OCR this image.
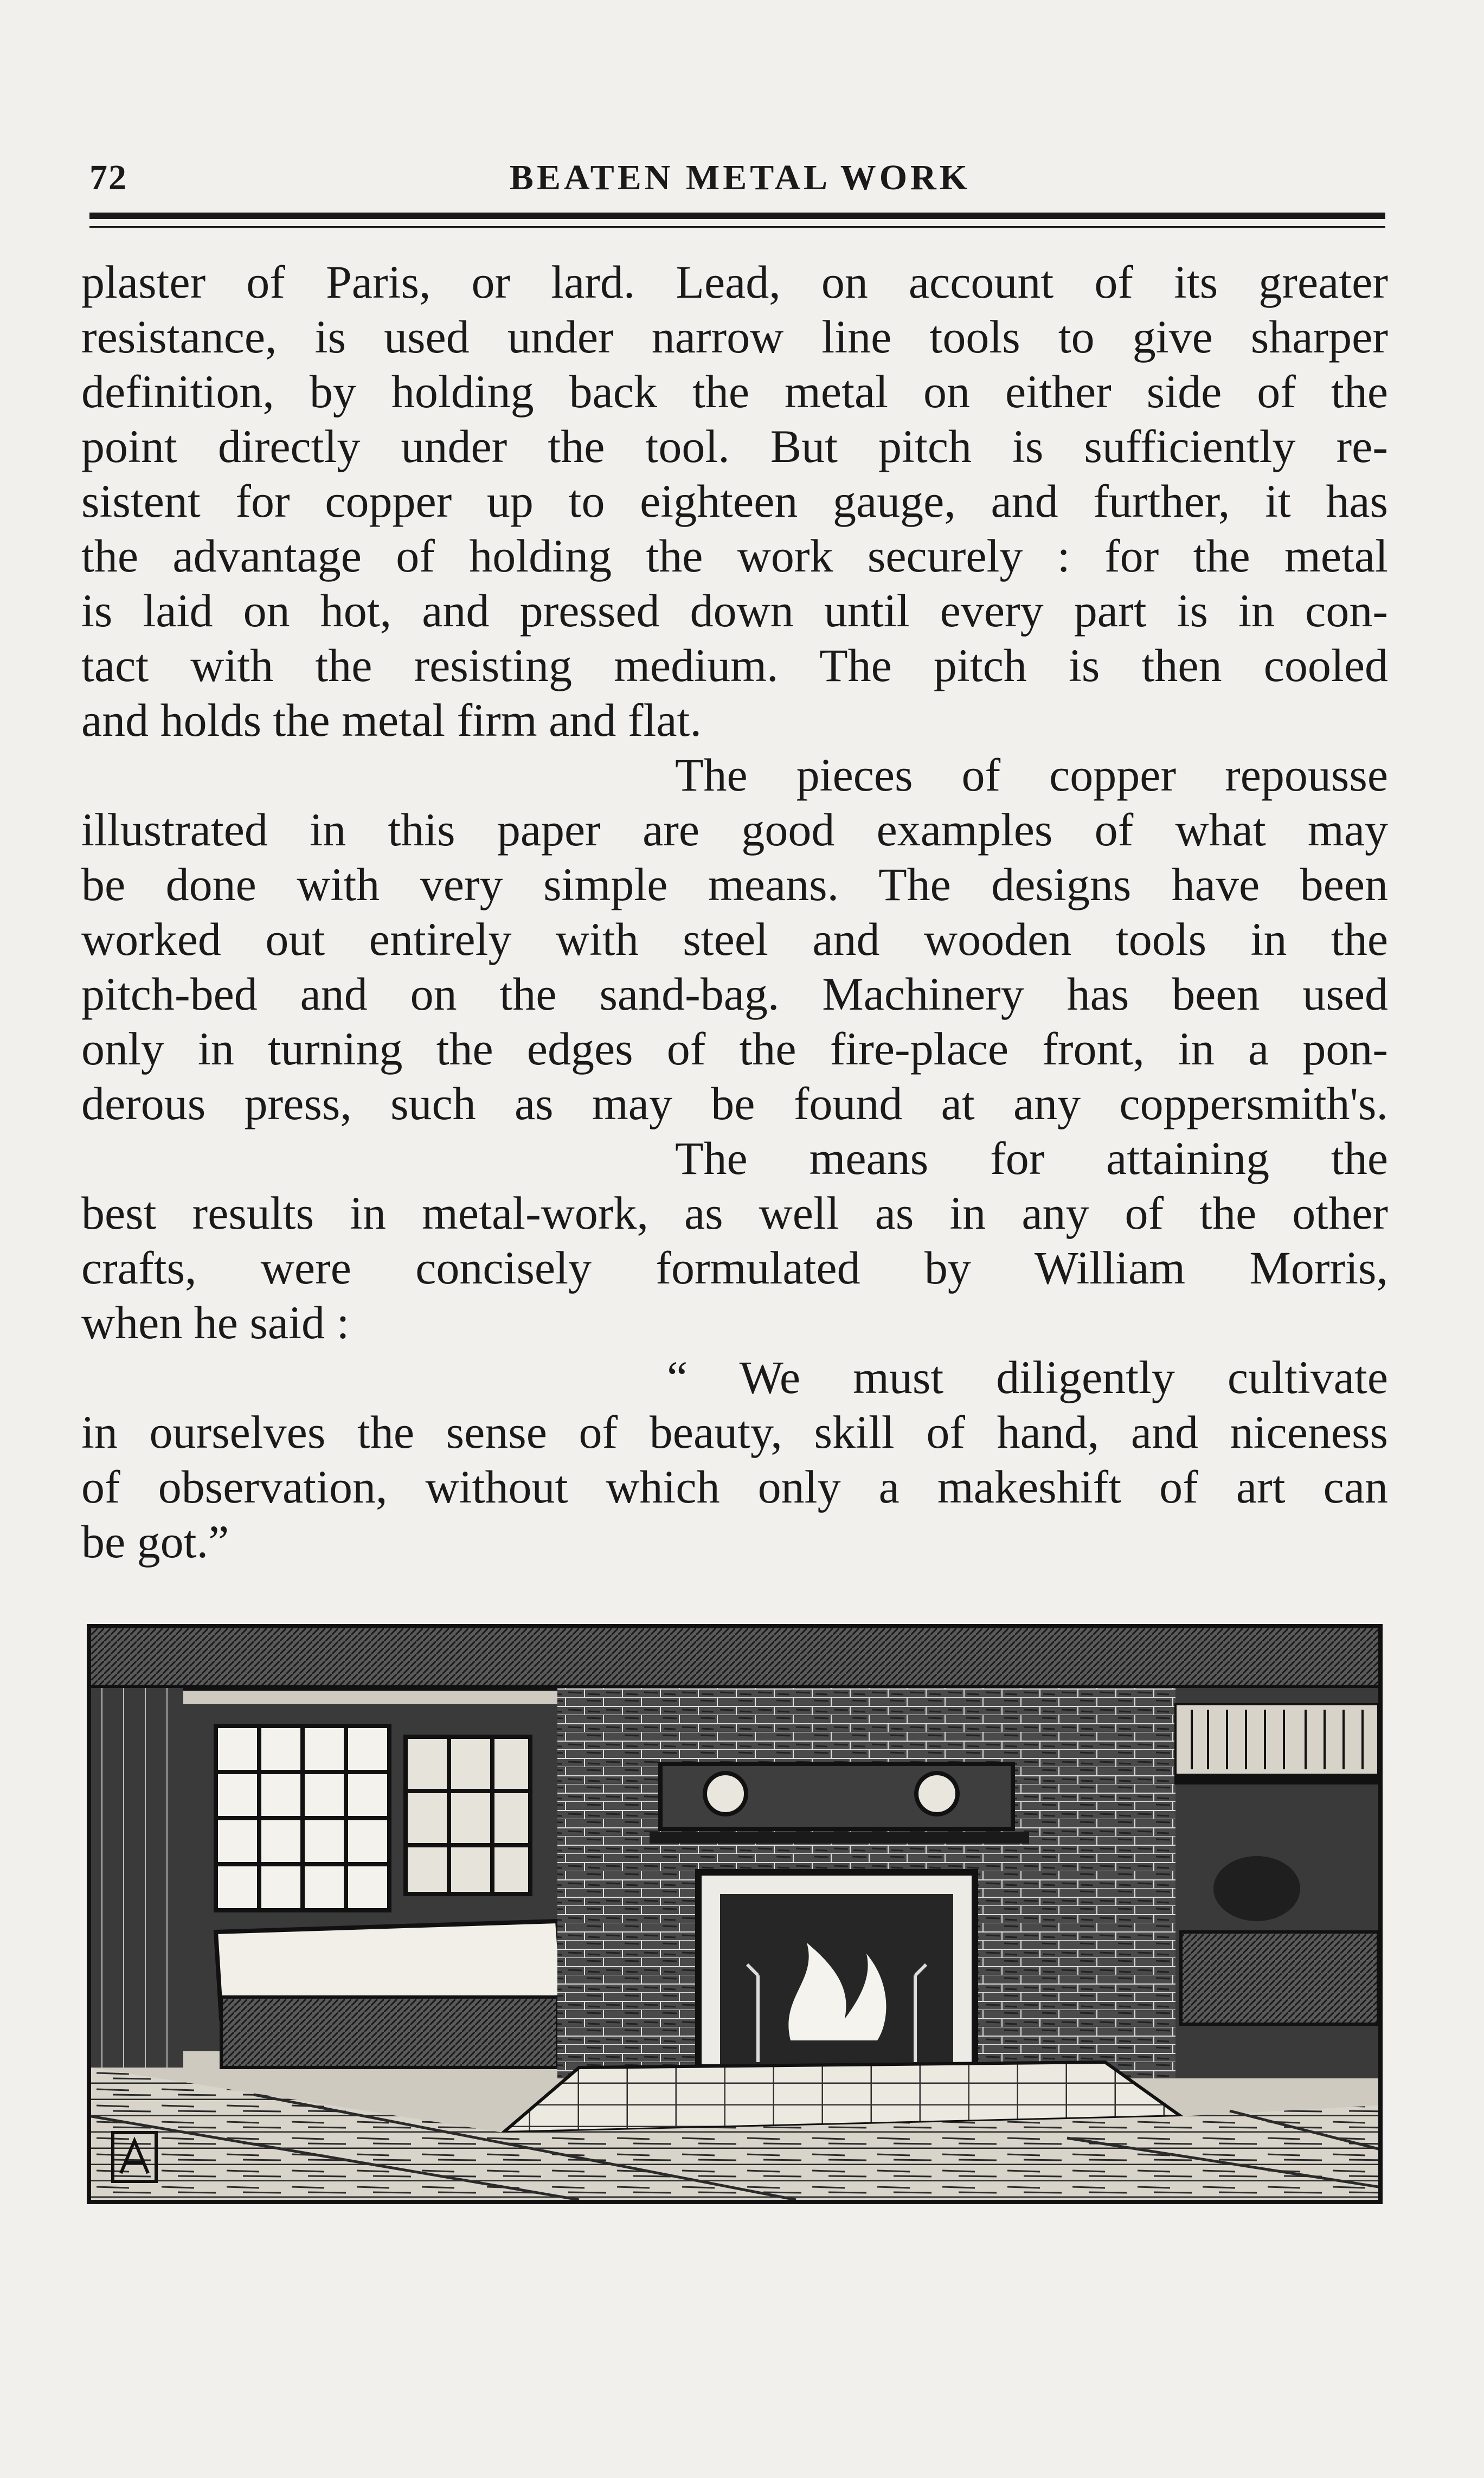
72	BEATEN METAL WORK
plaster of Paris, or lard. Lead, on account of its greater
resistance, is used under narrow line tools to give sharper
definition, by holding back the metal on either side of the
point directly under the tool. But pitch is sufficiently re-
sistent for copper up to eighteen gauge, and further, it has
the advantage of holding the work securely : for the metal
is laid on hot, and pressed down until every part is in con-
tact with the resisting medium. The pitch is then cooled
and holds the metal firm and flat.
The pieces of copper repousse
illustrated in this paper are good examples of what may
be done with very simple means. The designs have been
worked out entirely with steel and wooden tools in the
pitch-bed and on the sand-bag. Machinery has been used
only in turning the edges of the fire-place front, in a pon-
derous press, such as may be found at any coppersmith's.
The means for attaining the
best results in metal-work, as well as in any of the other
crafts, were concisely formulated by William Morris,
when he said :
“ We must diligently cultivate
in ourselves the sense of beauty, skill of hand, and niceness
of observation, without which only a makeshift of art can
be got.”
